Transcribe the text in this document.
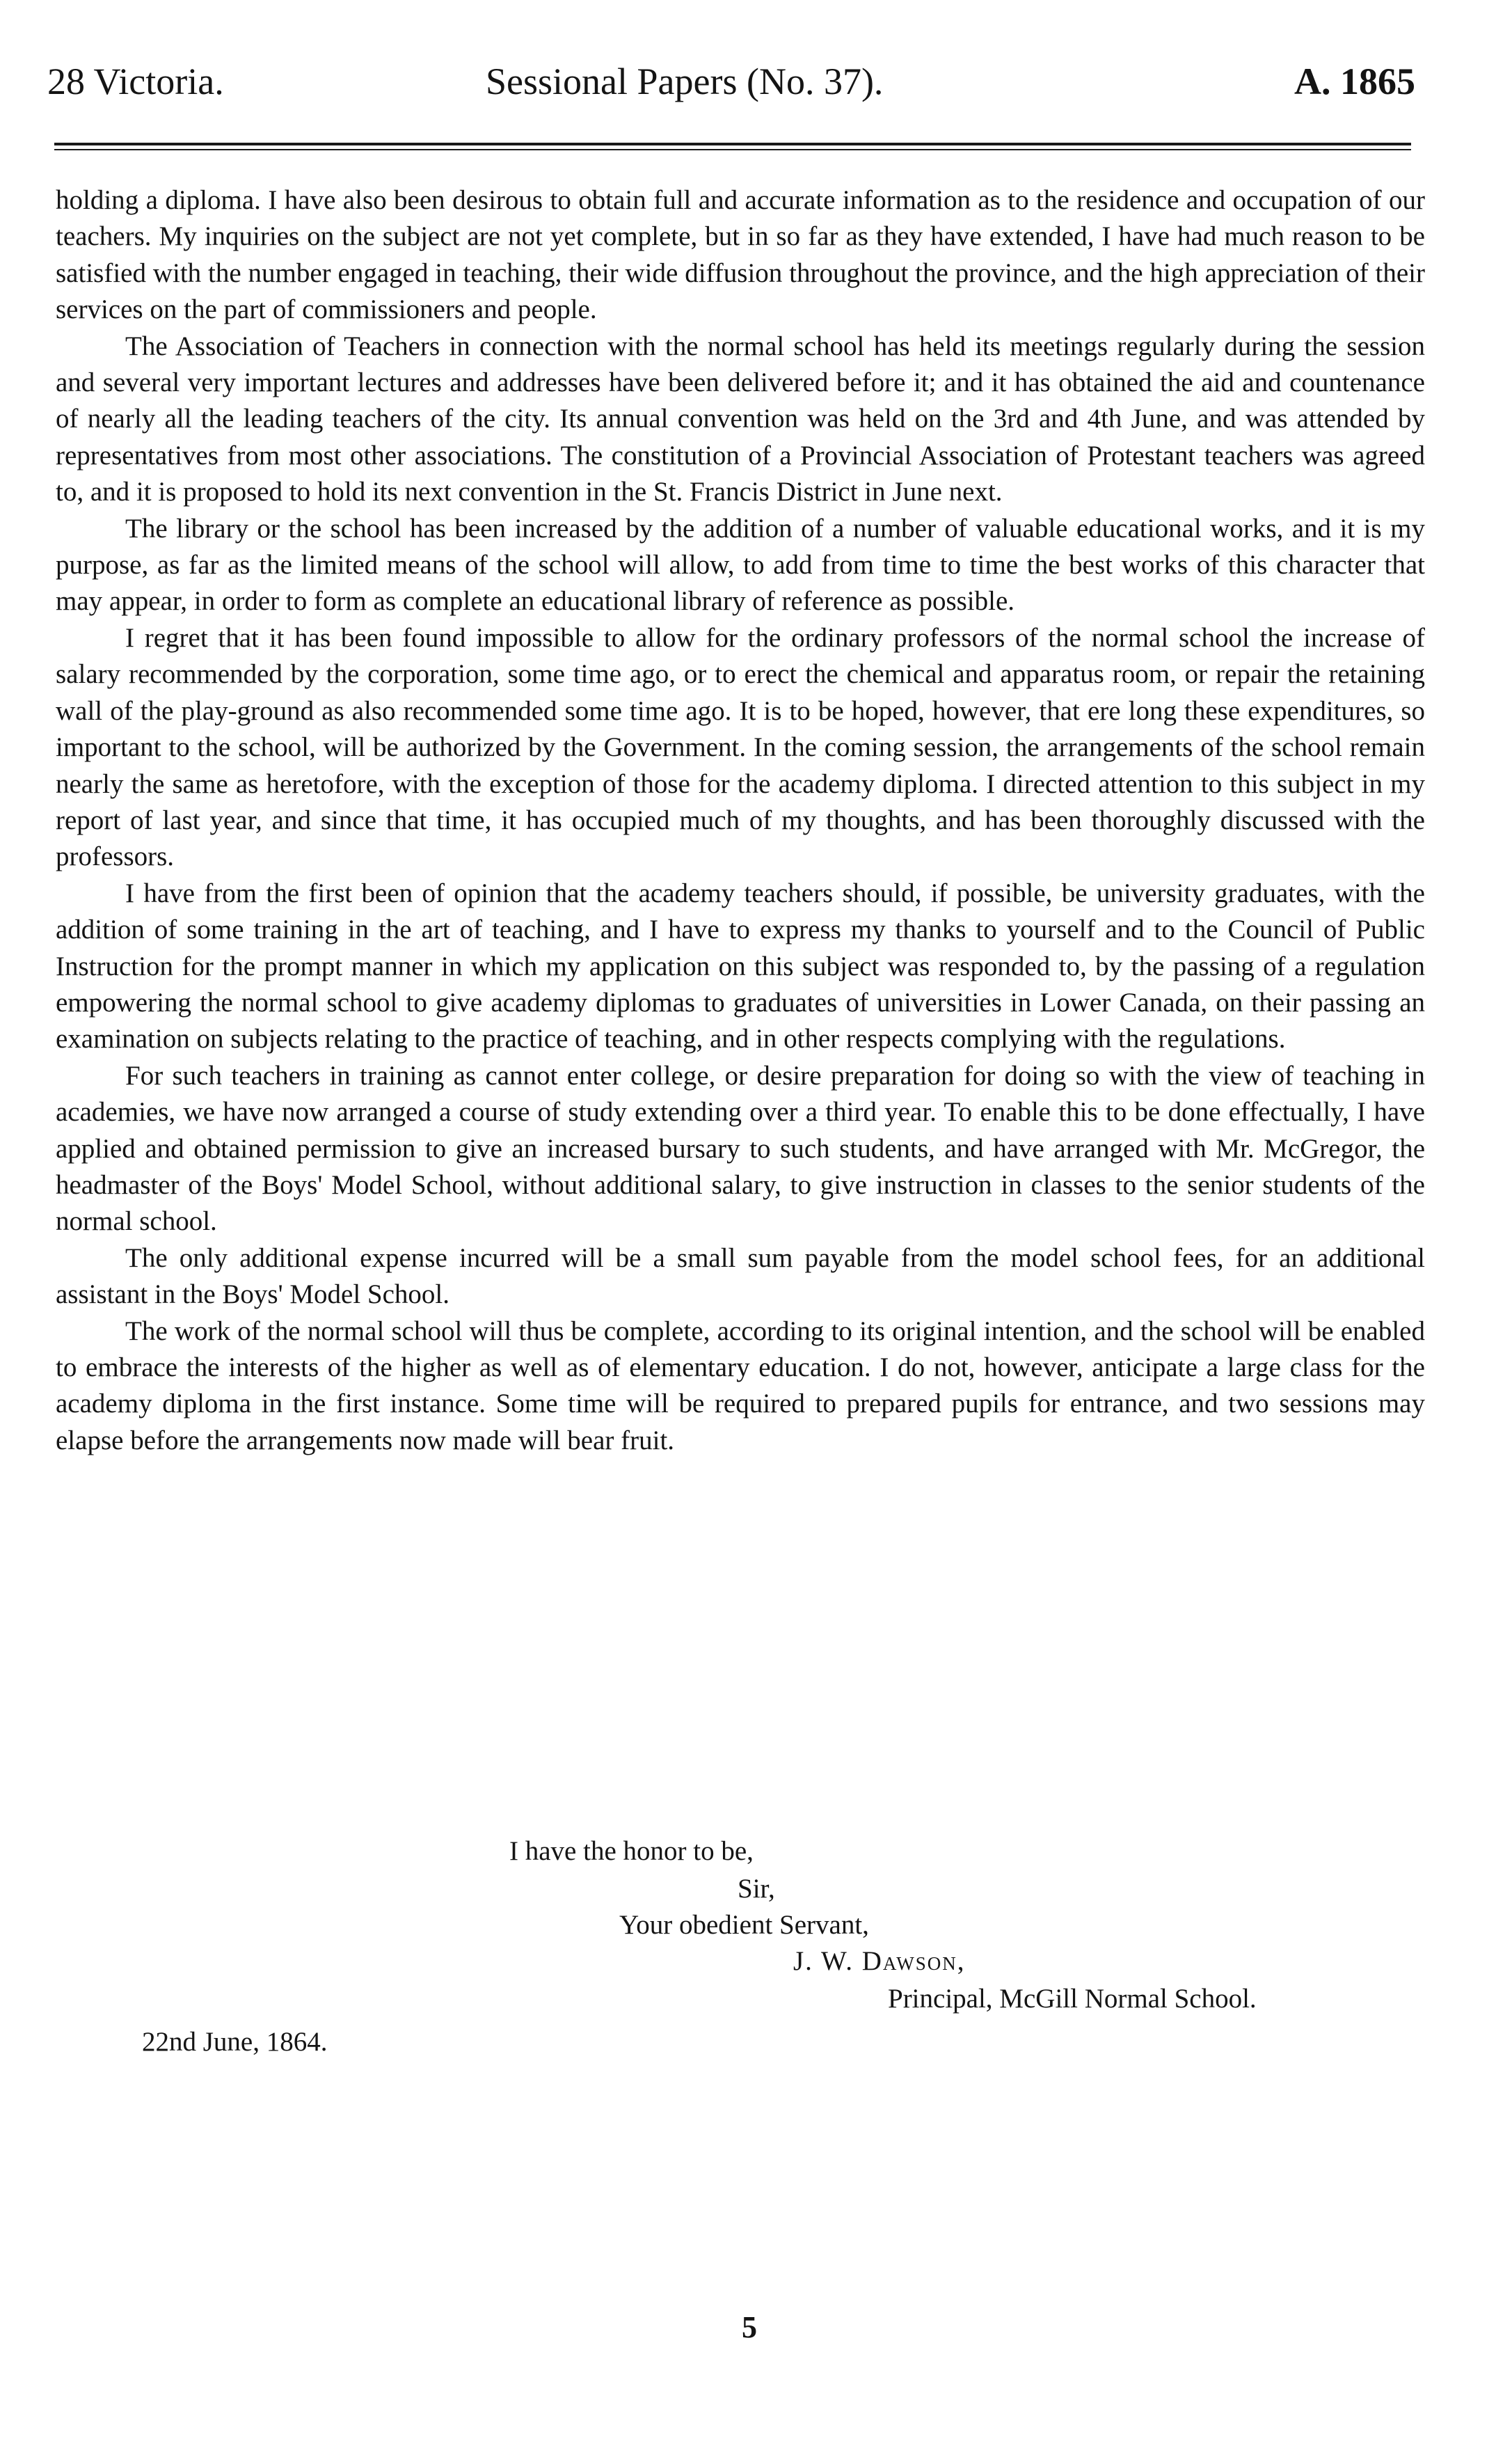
28 Victoria.	Sessional Papers (No. 37).	A. 1865

holding a diploma. I have also been desirous to obtain full and accurate information as to the residence and occupation of our teachers. My inquiries on the subject are not yet complete, but in so far as they have extended, I have had much reason to be satisfied with the number engaged in teaching, their wide diffusion throughout the province, and the high appreciation of their services on the part of commissioners and people.

The Association of Teachers in connection with the normal school has held its meetings regularly during the session and several very important lectures and addresses have been delivered before it; and it has obtained the aid and countenance of nearly all the leading teachers of the city. Its annual convention was held on the 3rd and 4th June, and was attended by representatives from most other associations. The constitution of a Provincial Association of Protestant teachers was agreed to, and it is proposed to hold its next convention in the St. Francis District in June next.

The library or the school has been increased by the addition of a number of valuable educational works, and it is my purpose, as far as the limited means of the school will allow, to add from time to time the best works of this character that may appear, in order to form as complete an educational library of reference as possible.

I regret that it has been found impossible to allow for the ordinary professors of the normal school the increase of salary recommended by the corporation, some time ago, or to erect the chemical and apparatus room, or repair the retaining wall of the play-ground as also recommended some time ago. It is to be hoped, however, that ere long these expenditures, so important to the school, will be authorized by the Government. In the coming session, the arrangements of the school remain nearly the same as heretofore, with the exception of those for the academy diploma. I directed attention to this subject in my report of last year, and since that time, it has occupied much of my thoughts, and has been thoroughly discussed with the professors.

I have from the first been of opinion that the academy teachers should, if possible, be university graduates, with the addition of some training in the art of teaching, and I have to express my thanks to yourself and to the Council of Public Instruction for the prompt manner in which my application on this subject was responded to, by the passing of a regulation empowering the normal school to give academy diplomas to graduates of universities in Lower Canada, on their passing an examination on subjects relating to the practice of teaching, and in other respects complying with the regulations.

For such teachers in training as cannot enter college, or desire preparation for doing so with the view of teaching in academies, we have now arranged a course of study extending over a third year. To enable this to be done effectually, I have applied and obtained permission to give an increased bursary to such students, and have arranged with Mr. McGregor, the headmaster of the Boys' Model School, without additional salary, to give instruction in classes to the senior students of the normal school.

The only additional expense incurred will be a small sum payable from the model school fees, for an additional assistant in the Boys' Model School.

The work of the normal school will thus be complete, according to its original intention, and the school will be enabled to embrace the interests of the higher as well as of elementary education. I do not, however, anticipate a large class for the academy diploma in the first instance. Some time will be required to prepared pupils for entrance, and two sessions may elapse before the arrangements now made will bear fruit.

I have the honor to be,
Sir,
Your obedient Servant,
J. W. Dawson,
Principal, McGill Normal School.
22nd June, 1864.
5
